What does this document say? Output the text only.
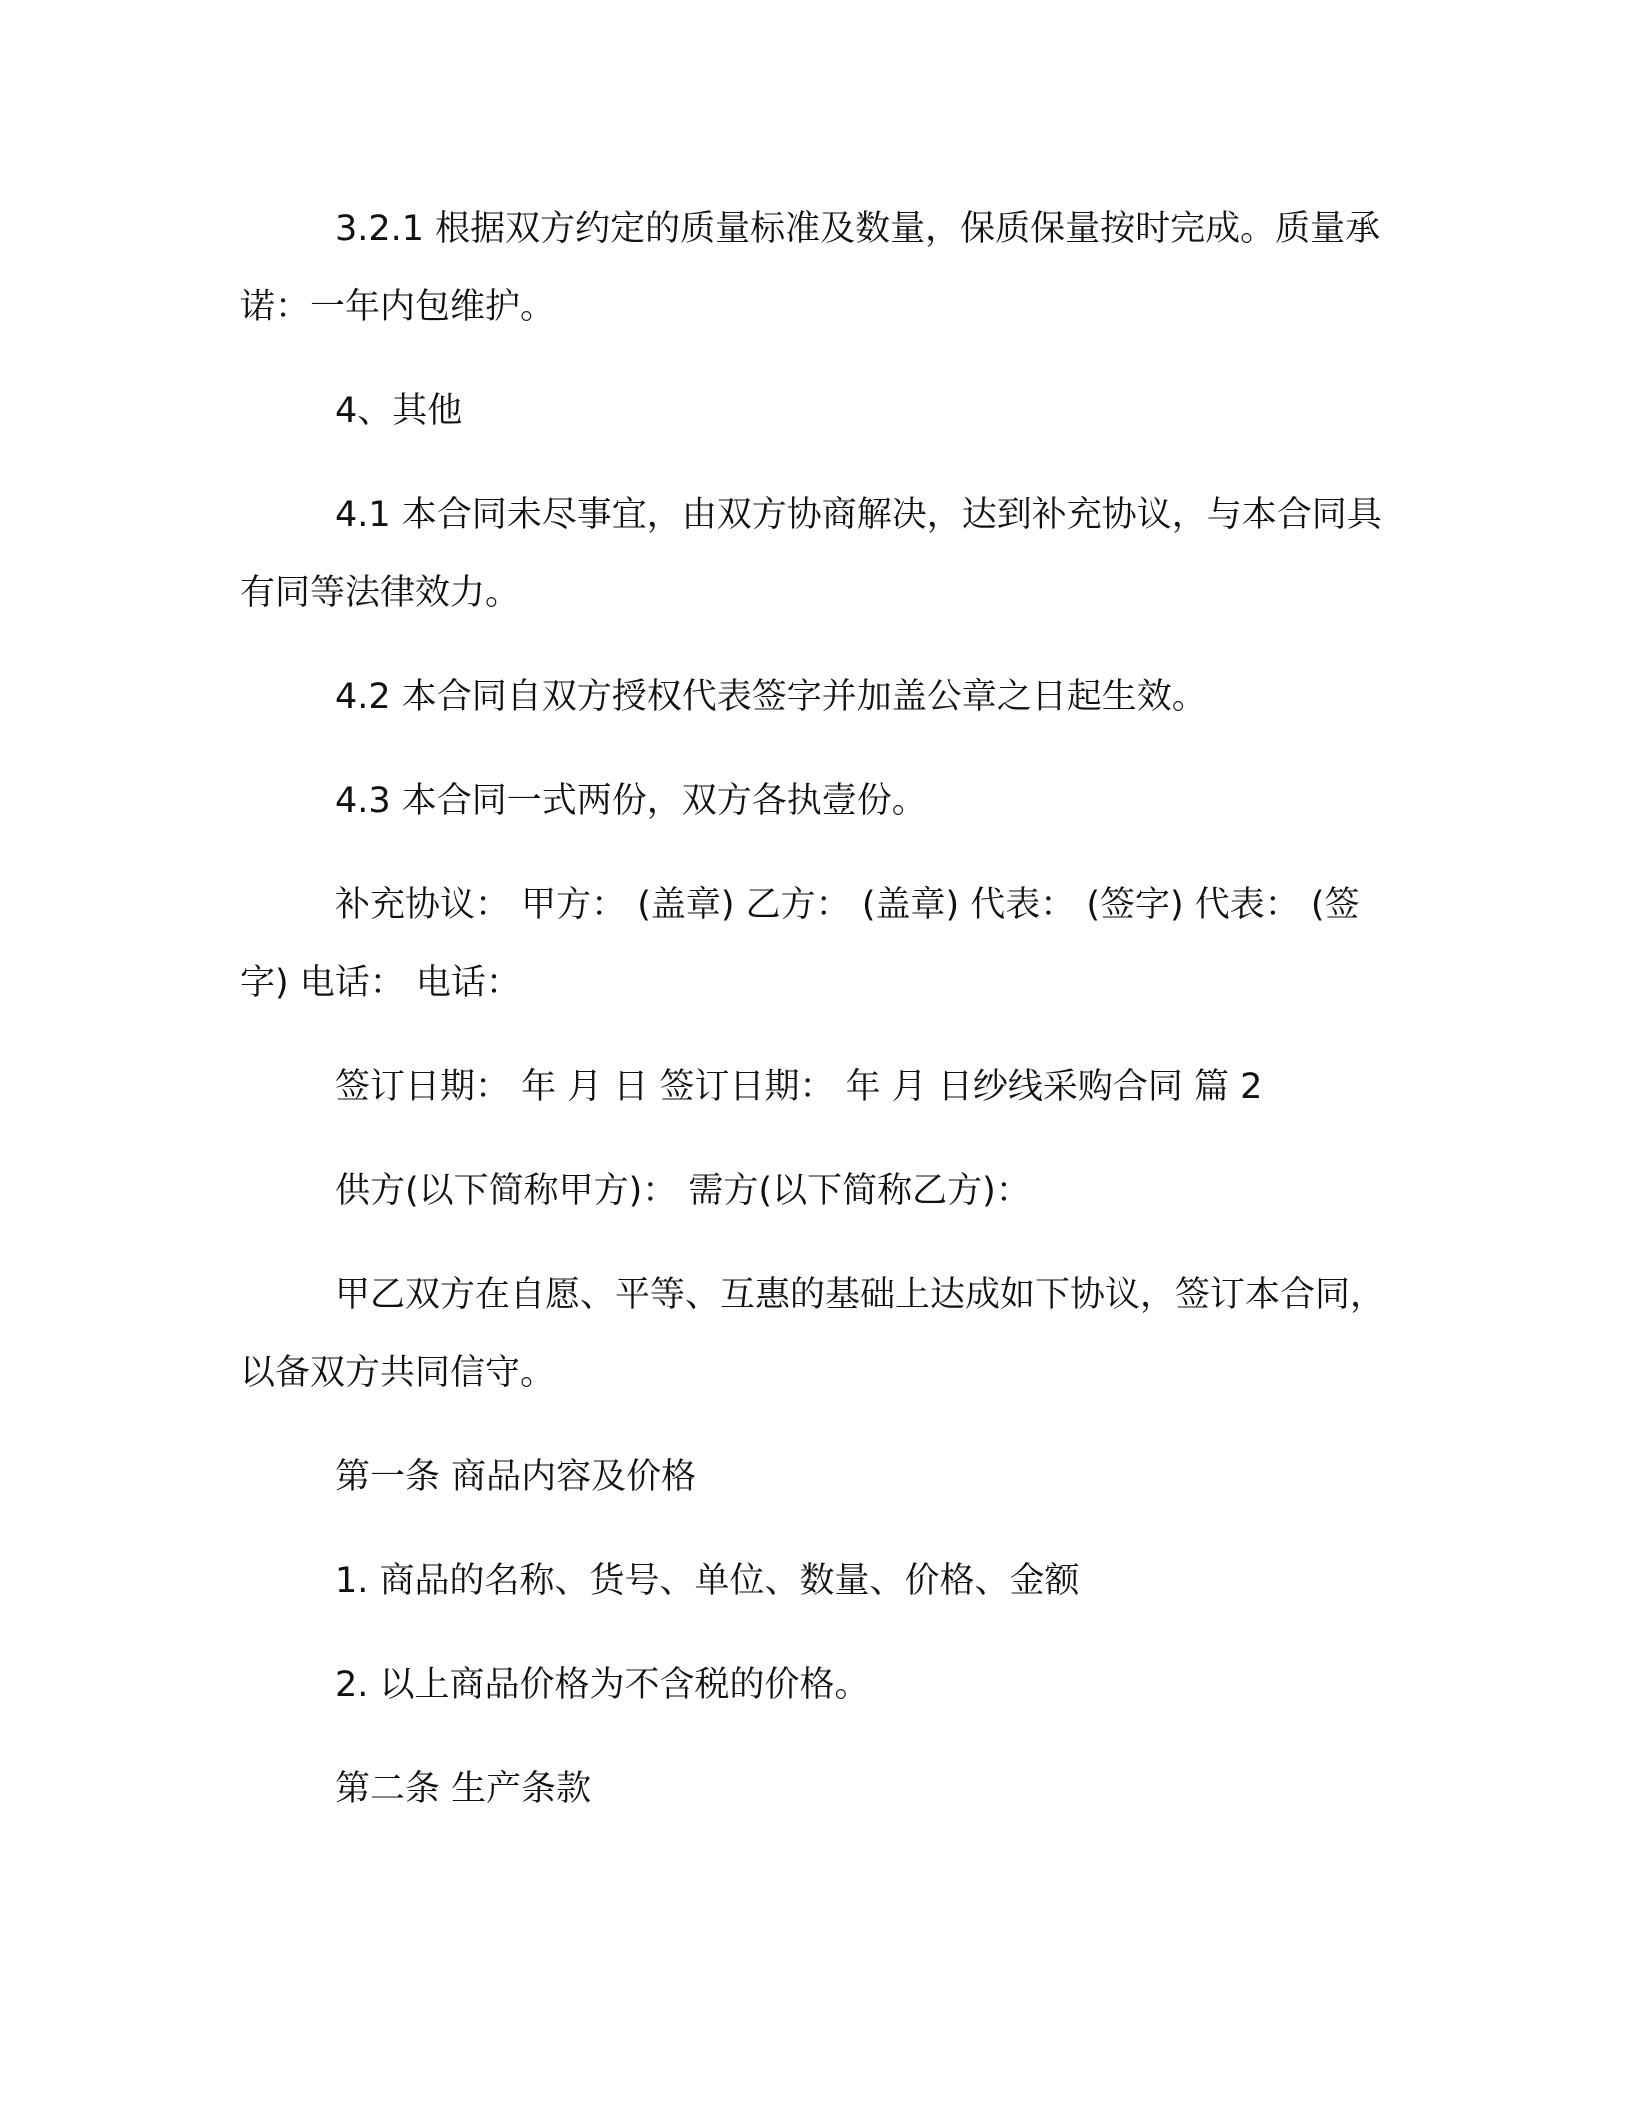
3.2.1 根据双方约定的质量标准及数量，保质保量按时完成。质量承诺：一年内包维护。

4、其他

4.1 本合同未尽事宜，由双方协商解决，达到补充协议，与本合同具有同等法律效力。

4.2 本合同自双方授权代表签字并加盖公章之日起生效。

4.3 本合同一式两份，双方各执壹份。

补充协议： 甲方： (盖章) 乙方： (盖章) 代表： (签字) 代表： (签字) 电话： 电话：

签订日期： 年 月 日 签订日期： 年 月 日纱线采购合同 篇 2

供方(以下简称甲方)： 需方(以下简称乙方)：

甲乙双方在自愿、平等、互惠的基础上达成如下协议，签订本合同，以备双方共同信守。

第一条 商品内容及价格

1. 商品的名称、货号、单位、数量、价格、金额

2. 以上商品价格为不含税的价格。

第二条 生产条款
